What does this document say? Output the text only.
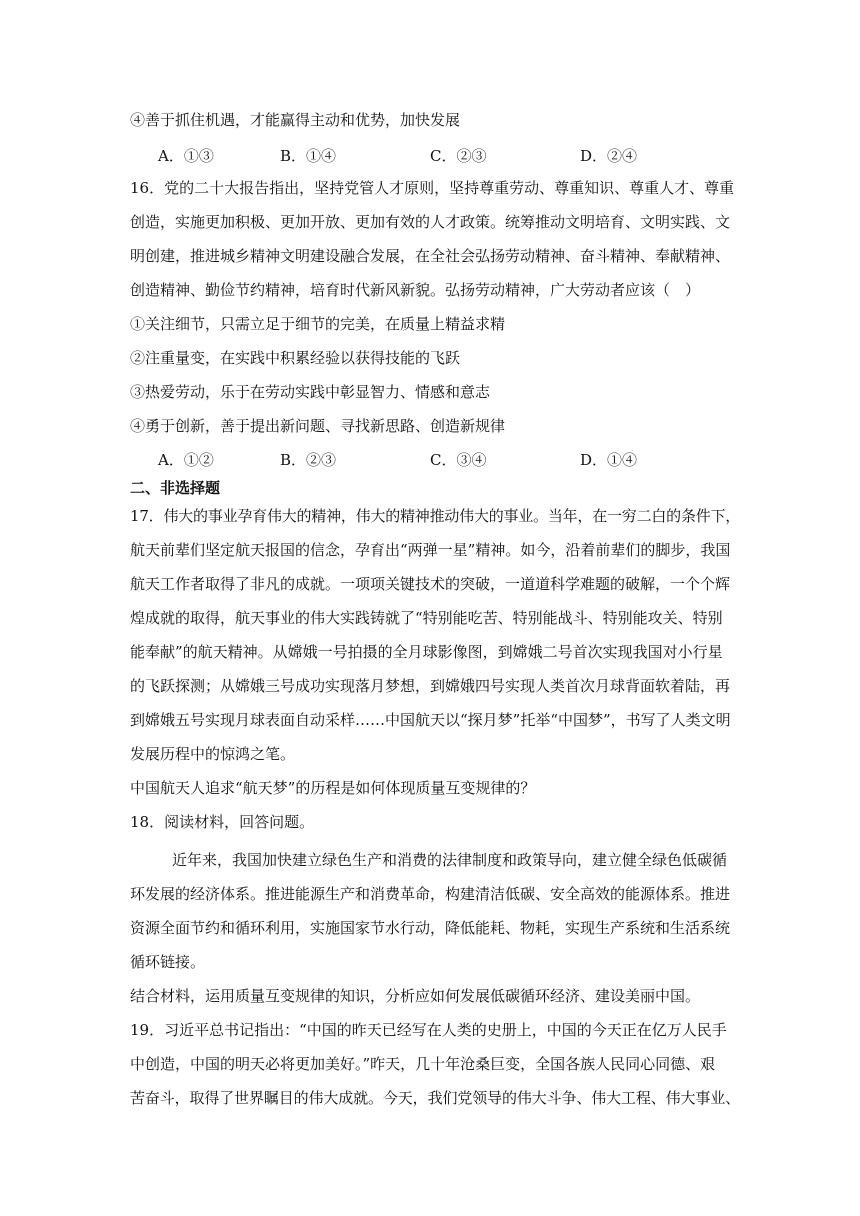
④善于抓住机遇，才能赢得主动和优势，加快发展
A．①③	B．①④	C．②③	D．②④
16．党的二十大报告指出，坚持党管人才原则，坚持尊重劳动、尊重知识、尊重人才、尊重
创造，实施更加积极、更加开放、更加有效的人才政策。统筹推动文明培育、文明实践、文
明创建，推进城乡精神文明建设融合发展，在全社会弘扬劳动精神、奋斗精神、奉献精神、
创造精神、勤俭节约精神，培育时代新风新貌。弘扬劳动精神，广大劳动者应该（　）
①关注细节，只需立足于细节的完美，在质量上精益求精
②注重量变，在实践中积累经验以获得技能的飞跃
③热爱劳动，乐于在劳动实践中彰显智力、情感和意志
④勇于创新，善于提出新问题、寻找新思路、创造新规律
A．①②	B．②③	C．③④	D．①④
二、非选择题
17．伟大的事业孕育伟大的精神，伟大的精神推动伟大的事业。当年，在一穷二白的条件下，
航天前辈们坚定航天报国的信念，孕育出“两弹一星”精神。如今，沿着前辈们的脚步，我国
航天工作者取得了非凡的成就。一项项关键技术的突破，一道道科学难题的破解，一个个辉
煌成就的取得，航天事业的伟大实践铸就了“特别能吃苦、特别能战斗、特别能攻关、特别
能奉献”的航天精神。从嫦娥一号拍摄的全月球影像图，到嫦娥二号首次实现我国对小行星
的飞跃探测；从嫦娥三号成功实现落月梦想，到嫦娥四号实现人类首次月球背面软着陆，再
到嫦娥五号实现月球表面自动采样……中国航天以“探月梦”托举“中国梦”，书写了人类文明
发展历程中的惊鸿之笔。
中国航天人追求“航天梦”的历程是如何体现质量互变规律的？
18．阅读材料，回答问题。
近年来，我国加快建立绿色生产和消费的法律制度和政策导向，建立健全绿色低碳循
环发展的经济体系。推进能源生产和消费革命，构建清洁低碳、安全高效的能源体系。推进
资源全面节约和循环利用，实施国家节水行动，降低能耗、物耗，实现生产系统和生活系统
循环链接。
结合材料，运用质量互变规律的知识，分析应如何发展低碳循环经济、建设美丽中国。
19．习近平总书记指出：“中国的昨天已经写在人类的史册上，中国的今天正在亿万人民手
中创造，中国的明天必将更加美好。”昨天，几十年沧桑巨变，全国各族人民同心同德、艰
苦奋斗，取得了世界瞩目的伟大成就。今天，我们党领导的伟大斗争、伟大工程、伟大事业、
